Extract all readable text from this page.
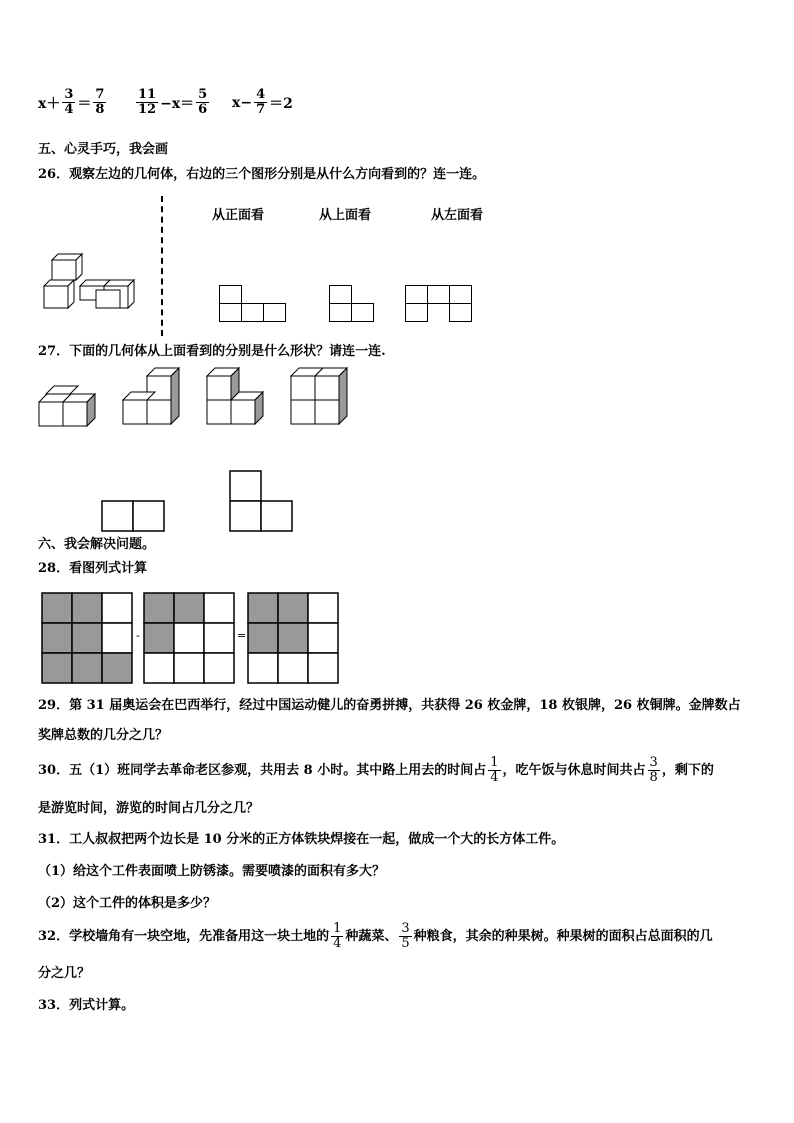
$x+ \frac{3}{4} = \frac{7}{8} \frac{11}{12} -x= \frac{5}{6} x- \frac{4}{7} =2$
五、心灵手巧，我会画
26．观察左边的几何体，右边的三个图形分别是从什么方向看到的？连一连。
从正面看	从上面看	从左面看
27．下面的几何体从上面看到的分别是什么形状？请连一连.
六、我会解决问题。
28．看图列式计算
-	=
29．第 31 届奥运会在巴西举行，经过中国运动健儿的奋勇拼搏，共获得 26 枚金牌，18 枚银牌，26 枚铜牌。金牌数占
奖牌总数的几分之几？
30．五（1）班同学去革命老区参观，共用去 8 小时。其中路上用去的时间占 $\frac{1}{4}$ ，吃午饭与休息时间共占 $\frac{3}{8}$ ，剩下的
是游览时间，游览的时间占几分之几？
31．工人叔叔把两个边长是 10 分米的正方体铁块焊接在一起，做成一个大的长方体工件。
（1）给这个工件表面喷上防锈漆。需要喷漆的面积有多大？
（2）这个工件的体积是多少？
32．学校墙角有一块空地，先准备用这一块土地的 $\frac{1}{4}$ 种蔬菜、 $\frac{3}{5}$ 种粮食，其余的种果树。种果树的面积占总面积的几
分之几？
33．列式计算。
